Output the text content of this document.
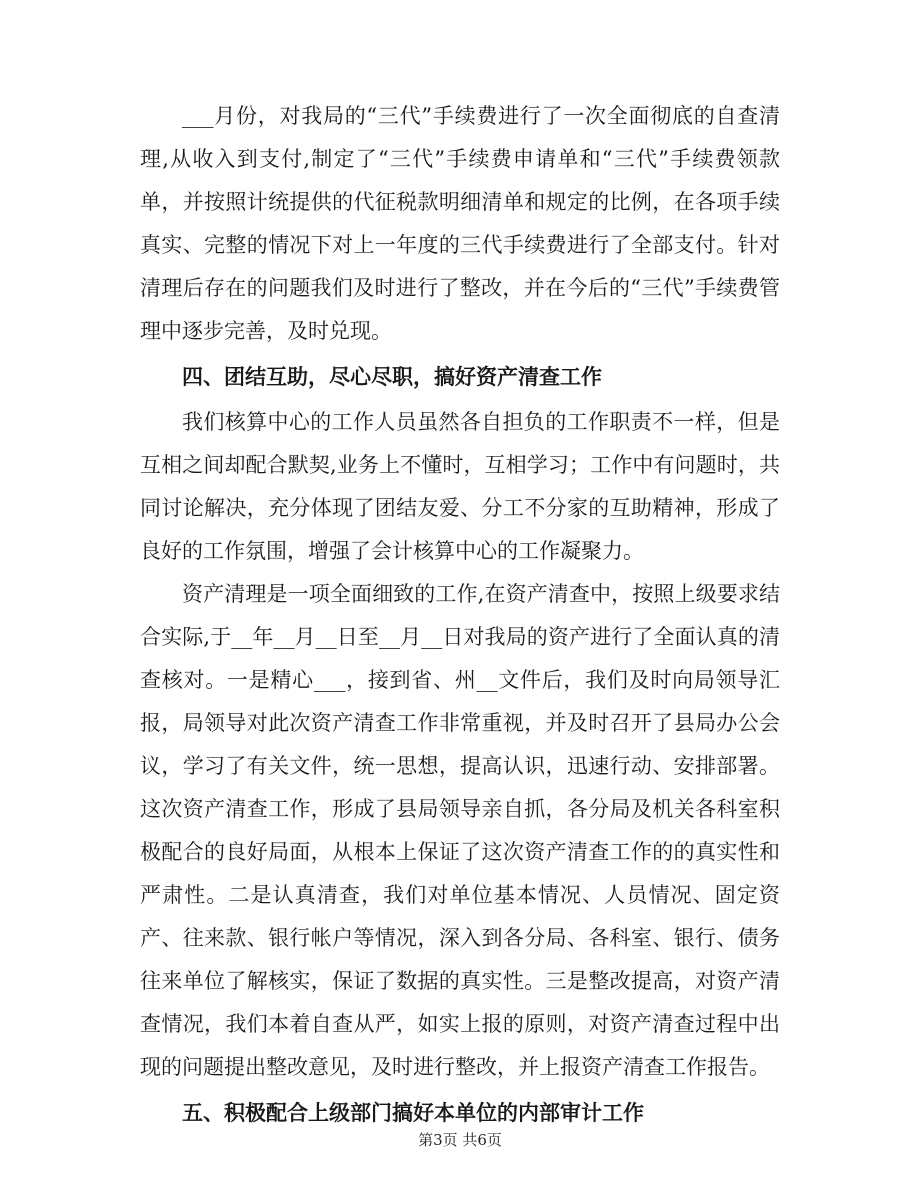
___月份，对我局的“三代”手续费进行了一次全面彻底的自查清理,从收入到支付,制定了“三代”手续费申请单和“三代”手续费领款单，并按照计统提供的代征税款明细清单和规定的比例，在各项手续真实、完整的情况下对上一年度的三代手续费进行了全部支付。针对清理后存在的问题我们及时进行了整改，并在今后的“三代”手续费管理中逐步完善，及时兑现。

四、团结互助，尽心尽职，搞好资产清查工作

我们核算中心的工作人员虽然各自担负的工作职责不一样，但是互相之间却配合默契,业务上不懂时，互相学习；工作中有问题时，共同讨论解决，充分体现了团结友爱、分工不分家的互助精神，形成了良好的工作氛围，增强了会计核算中心的工作凝聚力。

资产清理是一项全面细致的工作,在资产清查中，按照上级要求结合实际,于__年__月__日至__月__日对我局的资产进行了全面认真的清查核对。一是精心___，接到省、州__文件后，我们及时向局领导汇报，局领导对此次资产清查工作非常重视，并及时召开了县局办公会议，学习了有关文件，统一思想，提高认识，迅速行动、安排部署。这次资产清查工作，形成了县局领导亲自抓，各分局及机关各科室积极配合的良好局面，从根本上保证了这次资产清查工作的的真实性和严肃性。二是认真清查，我们对单位基本情况、人员情况、固定资产、往来款、银行帐户等情况，深入到各分局、各科室、银行、债务往来单位了解核实，保证了数据的真实性。三是整改提高，对资产清查情况，我们本着自查从严，如实上报的原则，对资产清查过程中出现的问题提出整改意见，及时进行整改，并上报资产清查工作报告。

五、积极配合上级部门搞好本单位的内部审计工作

第3页 共6页
